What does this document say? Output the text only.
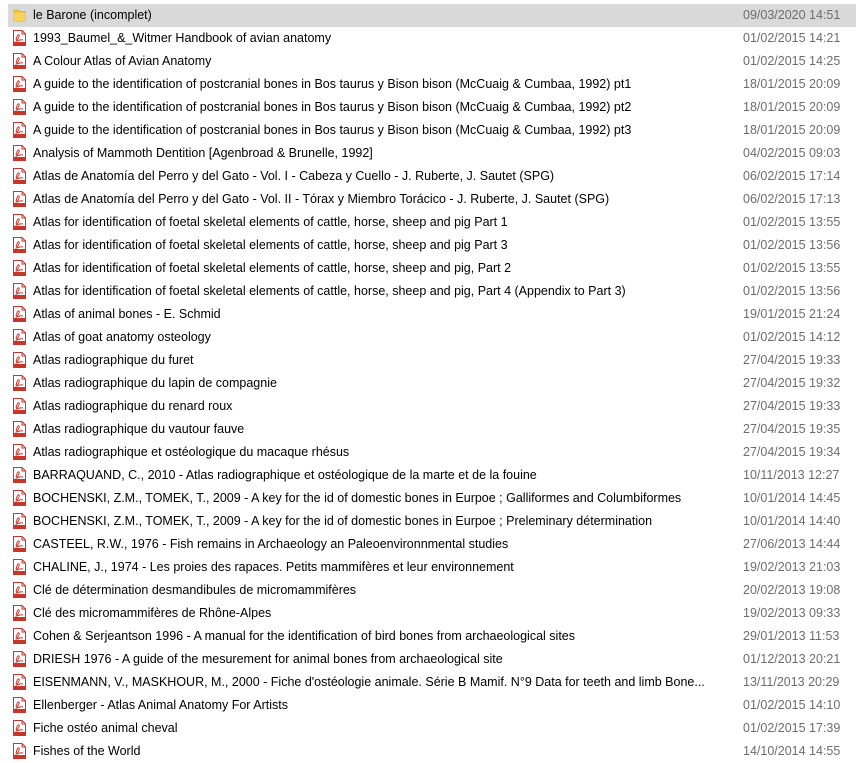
le Barone (incomplet)	09/03/2020 14:51
1993_Baumel_&_Witmer Handbook of avian anatomy	01/02/2015 14:21
A Colour Atlas of Avian Anatomy	01/02/2015 14:25
A guide to the identification of postcranial bones in Bos taurus y Bison bison (McCuaig & Cumbaa, 1992) pt1	18/01/2015 20:09
A guide to the identification of postcranial bones in Bos taurus y Bison bison (McCuaig & Cumbaa, 1992) pt2	18/01/2015 20:09
A guide to the identification of postcranial bones in Bos taurus y Bison bison (McCuaig & Cumbaa, 1992) pt3	18/01/2015 20:09
Analysis of Mammoth Dentition [Agenbroad & Brunelle, 1992]	04/02/2015 09:03
Atlas de Anatomía del Perro y del Gato - Vol. I - Cabeza y Cuello - J. Ruberte, J. Sautet (SPG)	06/02/2015 17:14
Atlas de Anatomía del Perro y del Gato - Vol. II - Tórax y Miembro Torácico - J. Ruberte, J. Sautet (SPG)	06/02/2015 17:13
Atlas for identification of foetal skeletal elements of cattle, horse, sheep and pig Part 1	01/02/2015 13:55
Atlas for identification of foetal skeletal elements of cattle, horse, sheep and pig Part 3	01/02/2015 13:56
Atlas for identification of foetal skeletal elements of cattle, horse, sheep and pig, Part 2	01/02/2015 13:55
Atlas for identification of foetal skeletal elements of cattle, horse, sheep and pig, Part 4 (Appendix to Part 3)	01/02/2015 13:56
Atlas of animal bones - E. Schmid	19/01/2015 21:24
Atlas of goat anatomy osteology	01/02/2015 14:12
Atlas radiographique du furet	27/04/2015 19:33
Atlas radiographique du lapin de compagnie	27/04/2015 19:32
Atlas radiographique du renard roux	27/04/2015 19:33
Atlas radiographique du vautour fauve	27/04/2015 19:35
Atlas radiographique et ostéologique du macaque rhésus	27/04/2015 19:34
BARRAQUAND, C., 2010 - Atlas radiographique et ostéologique de la marte et de la fouine	10/11/2013 12:27
BOCHENSKI, Z.M., TOMEK, T., 2009 - A key for the id of domestic bones in Eurpoe ; Galliformes and Columbiformes	10/01/2014 14:45
BOCHENSKI, Z.M., TOMEK, T., 2009 - A key for the id of domestic bones in Eurpoe ; Preleminary détermination	10/01/2014 14:40
CASTEEL, R.W., 1976 - Fish remains in Archaeology an Paleoenvironnmental studies	27/06/2013 14:44
CHALINE, J., 1974 - Les proies des rapaces. Petits mammifères et leur environnement	19/02/2013 21:03
Clé de détermination desmandibules de micromammifères	20/02/2013 19:08
Clé des micromammifères de Rhône-Alpes	19/02/2013 09:33
Cohen & Serjeantson 1996 - A manual for the identification of bird bones from archaeological sites	29/01/2013 11:53
DRIESH 1976 - A guide of the mesurement for animal bones from archaeological site	01/12/2013 20:21
EISENMANN, V., MASKHOUR, M., 2000 - Fiche d'ostéologie animale. Série B Mamif. N°9 Data for teeth and limb Bone...	13/11/2013 20:29
Ellenberger - Atlas Animal Anatomy For Artists	01/02/2015 14:10
Fiche ostéo animal cheval	01/02/2015 17:39
Fishes of the World	14/10/2014 14:55
